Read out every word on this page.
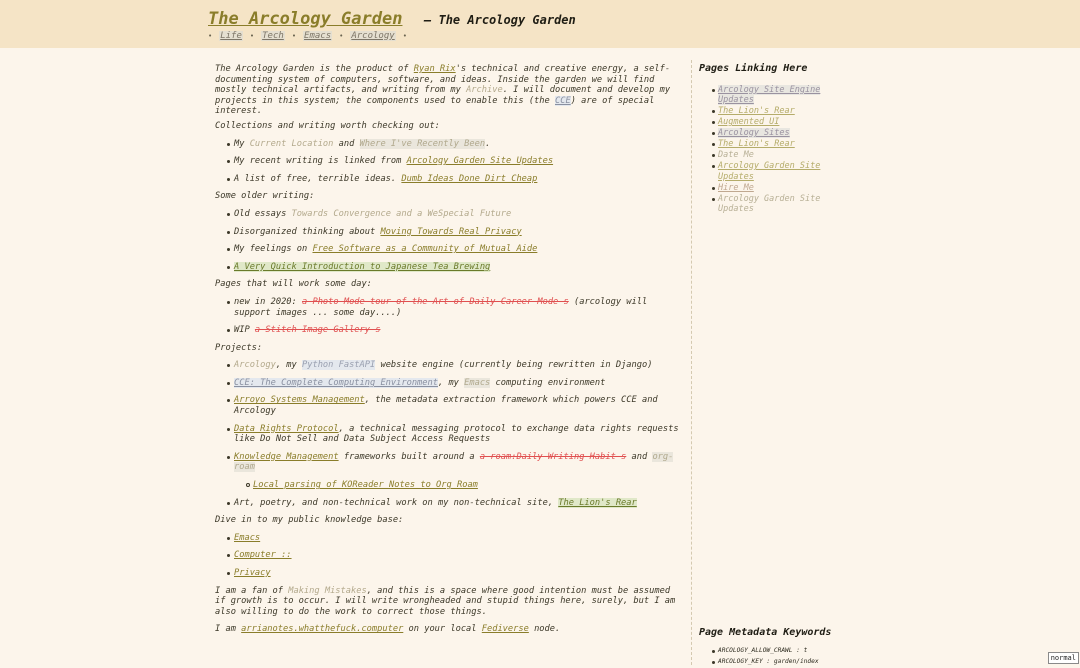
The Arcology Garden — The Arcology Garden
• Life • Tech • Emacs • Arcology •

The Arcology Garden is the product of Ryan Rix's technical and creative energy, a self-documenting system of computers, software, and ideas. Inside the garden we will find mostly technical artifacts, and writing from my Archive. I will document and develop my projects in this system; the components used to enable this (the CCE) are of special interest.

Collections and writing worth checking out:

My Current Location and Where I've Recently Been.
My recent writing is linked from Arcology Garden Site Updates
A list of free, terrible ideas. Dumb Ideas Done Dirt Cheap

Some older writing:

Old essays Towards Convergence and a WeSpecial Future
Disorganized thinking about Moving Towards Real Privacy
My feelings on Free Software as a Community of Mutual Aide
A Very Quick Introduction to Japanese Tea Brewing

Pages that will work some day:

new in 2020: a Photo Mode tour of the Art of Daily Career Mode s (arcology will support images ... some day....)
WIP a Stitch Image Gallery s

Projects:

Arcology, my Python FastAPI website engine (currently being rewritten in Django)
CCE: The Complete Computing Environment, my Emacs computing environment
Arroyo Systems Management, the metadata extraction framework which powers CCE and Arcology
Data Rights Protocol, a technical messaging protocol to exchange data rights requests like Do Not Sell and Data Subject Access Requests
Knowledge Management frameworks built around a a roam:Daily Writing Habit s and org-roam
Local parsing of KOReader Notes to Org Roam
Art, poetry, and non-technical work on my non-technical site, The Lion's Rear

Dive in to my public knowledge base:

Emacs
Computer ::
Privacy

I am a fan of Making Mistakes, and this is a space where good intention must be assumed if growth is to occur. I will write wrongheaded and stupid things here, surely, but I am also willing to do the work to correct those things.

I am arrianotes.whatthefuck.computer on your local Fediverse node.

Pages Linking Here

Arcology Site Engine Updates
The Lion's Rear
Augmented UI
Arcology Sites
The Lion's Rear
Date Me
Arcology Garden Site Updates
Hire Me
Arcology Garden Site Updates

Page Metadata Keywords

ARCOLOGY_ALLOW_CRAWL : t
ARCOLOGY_KEY : garden/index	normal
